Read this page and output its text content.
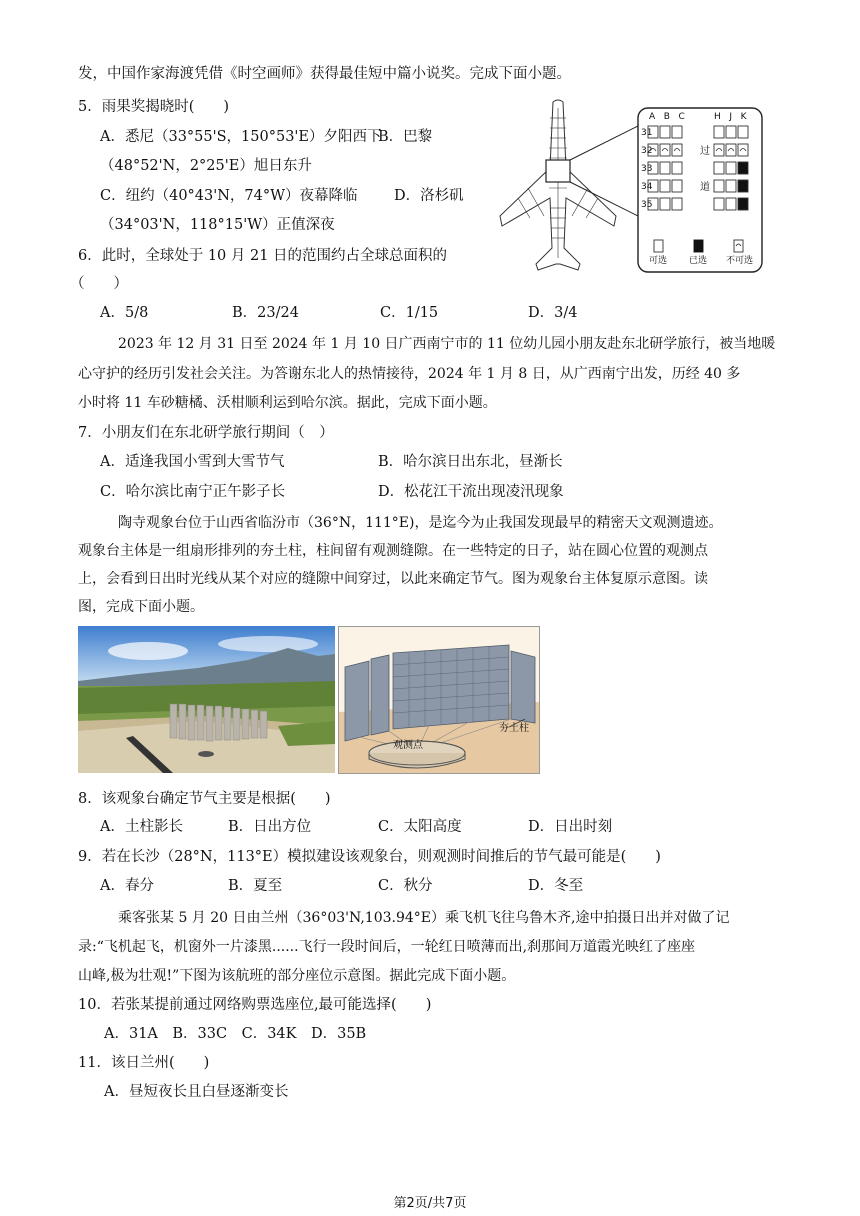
发，中国作家海渡凭借《时空画师》获得最佳短中篇小说奖。完成下面小题。
5．雨果奖揭晓时(　　)
A．悉尼（33°55'S，150°53'E）夕阳西下
B．巴黎
（48°52'N，2°25'E）旭日东升
C．纽约（40°43'N，74°W）夜幕降临	D．洛杉矶
（34°03'N，118°15'W）正值深夜
6．此时，全球处于 10 月 21 日的范围约占全球总面积的
（　　）
A．5/8	B．23/24	C．1/15	D．3/4
2023 年 12 月 31 日至 2024 年 1 月 10 日广西南宁市的 11 位幼儿园小朋友赴东北研学旅行，被当地暖
心守护的经历引发社会关注。为答谢东北人的热情接待，2024 年 1 月 8 日，从广西南宁出发，历经 40 多
小时将 11 车砂糖橘、沃柑顺利运到哈尔滨。据此，完成下面小题。
7．小朋友们在东北研学旅行期间（　）
A．适逢我国小雪到大雪节气	B．哈尔滨日出东北，昼渐长
C．哈尔滨比南宁正午影子长	D．松花江干流出现凌汛现象
陶寺观象台位于山西省临汾市（36°N，111°E)，是迄今为止我国发现最早的精密天文观测遗迹。
观象台主体是一组扇形排列的夯土柱，柱间留有观测缝隙。在一些特定的日子，站在圆心位置的观测点
上，会看到日出时光线从某个对应的缝隙中间穿过，以此来确定节气。图为观象台主体复原示意图。读
图，完成下面小题。
A B C	H J K
31
32
33
34
35
过
道
可选 已选 不可选
观测点
夯土柱
8．该观象台确定节气主要是根据(　　)
A．土柱影长	B．日出方位	C．太阳高度	D．日出时刻
9．若在长沙（28°N，113°E）模拟建设该观象台，则观测时间推后的节气最可能是(　　)
A．春分	B．夏至	C．秋分	D．冬至
乘客张某 5 月 20 日由兰州（36°03'N,103.94°E）乘飞机飞往乌鲁木齐,途中拍摄日出并对做了记
录:“飞机起飞，机窗外一片漆黑......飞行一段时间后，一轮红日喷薄而出,刹那间万道霞光映红了座座
山峰,极为壮观!”下图为该航班的部分座位示意图。据此完成下面小题。
10．若张某提前通过网络购票选座位,最可能选择(　　)
A．31A　B．33C　C．34K　D．35B
11．该日兰州(　　)
A．昼短夜长且白昼逐渐变长
第2页/共7页
